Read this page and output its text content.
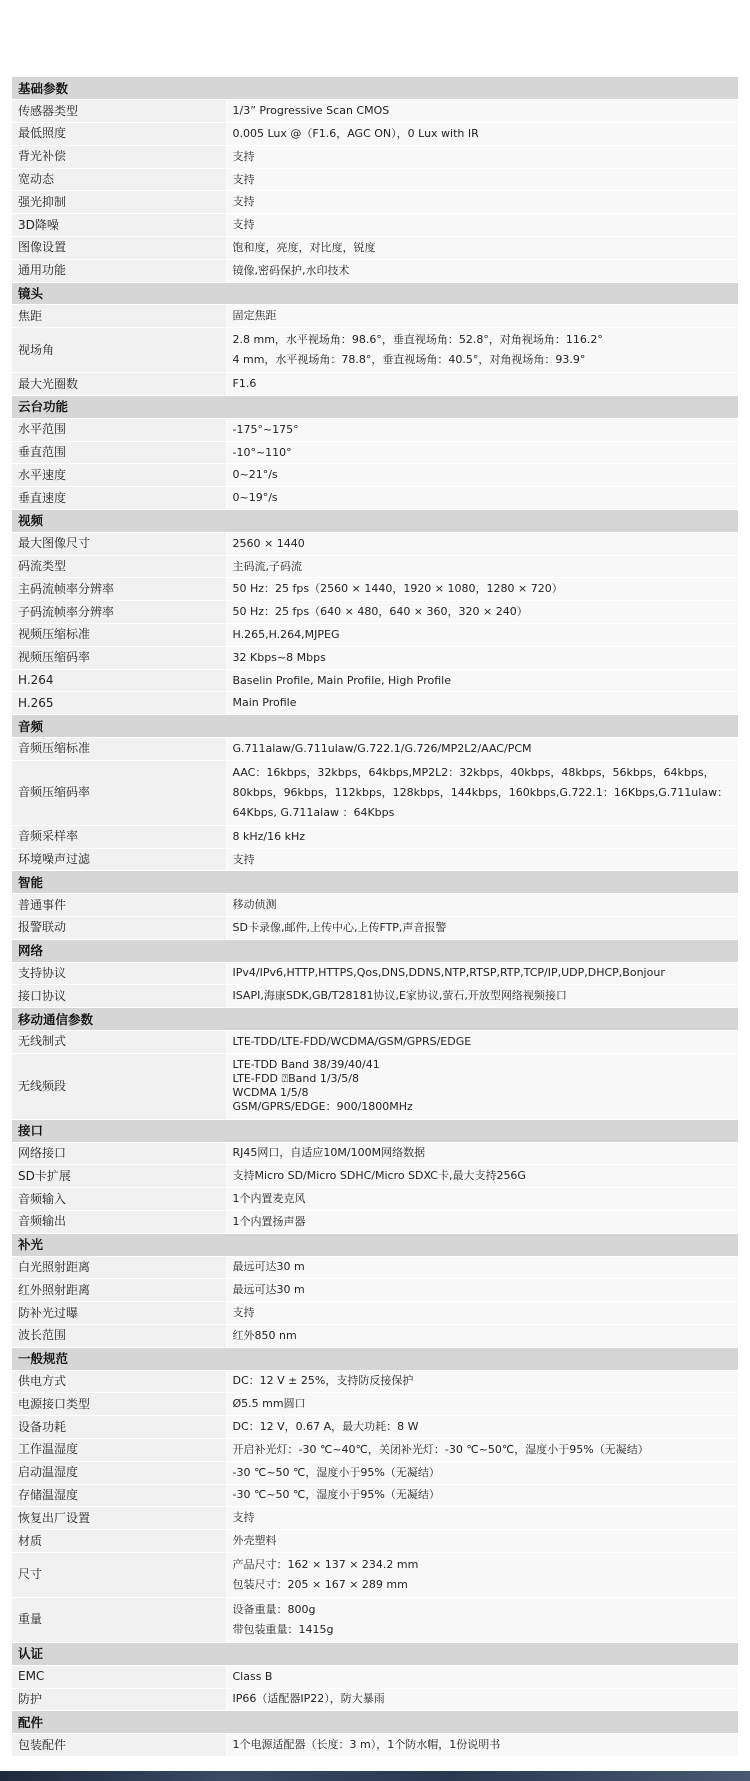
基础参数	
传感器类型	1/3” Progressive Scan CMOS

最低照度	0.005 Lux @（F1.6，AGC ON），0 Lux with IR

背光补偿	支持

宽动态	支持

强光抑制	支持

3D降噪	支持

图像设置	饱和度，亮度，对比度，锐度

通用功能	镜像,密码保护,水印技术

镜头	
焦距	固定焦距

视场角	2.8 mm，水平视场角：98.6°，垂直视场角：52.8°，对角视场角：116.2°
4 mm，水平视场角：78.8°，垂直视场角：40.5°，对角视场角：93.9°

最大光圈数	F1.6

云台功能	
水平范围	-175°~175°

垂直范围	-10°~110°

水平速度	0~21°/s

垂直速度	0~19°/s

视频	
最大图像尺寸	2560 × 1440

码流类型	主码流,子码流

主码流帧率分辨率	50 Hz：25 fps（2560 × 1440，1920 × 1080，1280 × 720）

子码流帧率分辨率	50 Hz：25 fps（640 × 480，640 × 360，320 × 240）

视频压缩标准	H.265,H.264,MJPEG

视频压缩码率	32 Kbps~8 Mbps

H.264	Baselin Profile, Main Profile, High Profile

H.265	Main Profile

音频	
音频压缩标准	G.711alaw/G.711ulaw/G.722.1/G.726/MP2L2/AAC/PCM

音频压缩码率	AAC：16kbps，32kbps，64kbps,MP2L2：32kbps，40kbps，48kbps，56kbps，64kbps，
80kbps，96kbps，112kbps，128kbps，144kbps，160kbps,G.722.1：16Kbps,G.711ulaw：
64Kbps, G.711alaw ：64Kbps

音频采样率	8 kHz/16 kHz

环境噪声过滤	支持

智能	
普通事件	移动侦测

报警联动	SD卡录像,邮件,上传中心,上传FTP,声音报警

网络	
支持协议	IPv4/IPv6,HTTP,HTTPS,Qos,DNS,DDNS,NTP,RTSP,RTP,TCP/IP,UDP,DHCP,Bonjour

接口协议	ISAPI,海康SDK,GB/T28181协议,E家协议,萤石,开放型网络视频接口

移动通信参数	
无线制式	LTE-TDD/LTE-FDD/WCDMA/GSM/GPRS/EDGE

无线频段	LTE-TDD Band 38/39/40/41
LTE-FDD ⍰Band 1/3/5/8
WCDMA 1/5/8
GSM/GPRS/EDGE：900/1800MHz

接口	
网络接口	RJ45网口，自适应10M/100M网络数据

SD卡扩展	支持Micro SD/Micro SDHC/Micro SDXC卡,最大支持256G

音频输入	1个内置麦克风

音频输出	1个内置扬声器

补光	
白光照射距离	最远可达30 m

红外照射距离	最远可达30 m

防补光过曝	支持

波长范围	红外850 nm

一般规范	
供电方式	DC：12 V ± 25%，支持防反接保护

电源接口类型	Ø5.5 mm圆口

设备功耗	DC：12 V，0.67 A，最大功耗：8 W

工作温湿度	开启补光灯：-30 ℃~40℃，关闭补光灯：-30 ℃~50℃，湿度小于95%（无凝结）

启动温湿度	-30 ℃~50 ℃，湿度小于95%（无凝结）

存储温湿度	-30 ℃~50 ℃，湿度小于95%（无凝结）

恢复出厂设置	支持

材质	外壳塑料

尺寸	产品尺寸：162 × 137 × 234.2 mm
包装尺寸：205 × 167 × 289 mm

重量	设备重量：800g
带包装重量：1415g

认证	
EMC	Class B

防护	IP66（适配器IP22），防大暴雨

配件	
包装配件	1个电源适配器（长度：3 m），1个防水帽，1份说明书
